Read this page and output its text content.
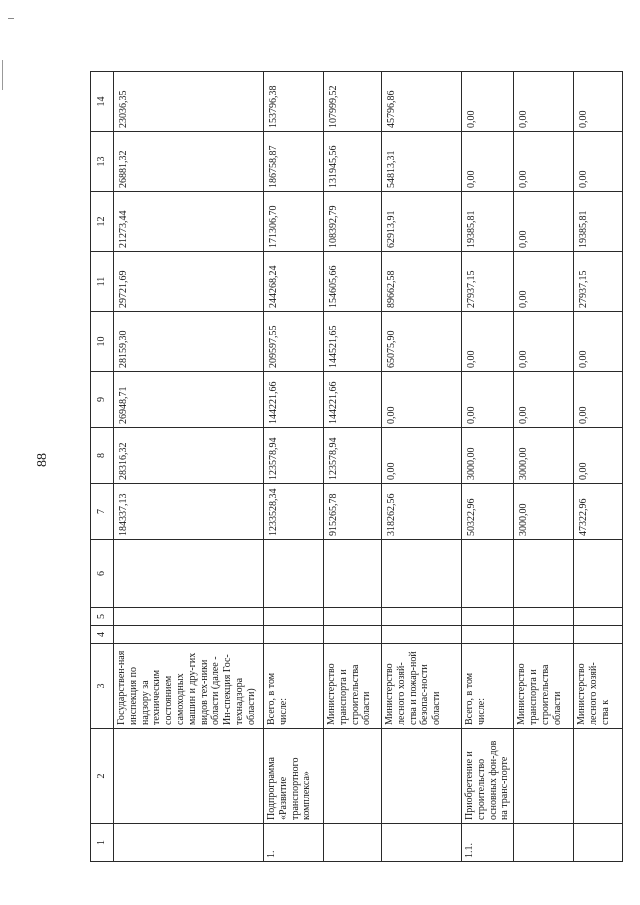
88
1	2	3	4	5	6	7	8	9	10	11	12	13	14
		Государствен-ная инспекция по надзору за техническим состоянием самоходных машин и дру-гих видов тех-ники области (далее - Ин-спекция Гос-технадзора области)				184337,13	28316,32	26948,71	28159,30	29721,69	21273,44	26881,32	23036,35
1.	Подпрограмма «Развитие транспортного комплекса»	Всего, в том числе:				1233528,34	123578,94	144221,66	209597,55	244268,24	171306,70	186758,87	153796,38
		Министерство транспорта и строительства области				915265,78	123578,94	144221,66	144521,65	154605,66	108392,79	131945,56	107999,52
		Министерство лесного хозяй-ства и пожар-ной безопас-ности области				318262,56	0,00	0,00	65075,90	89662,58	62913,91	54813,31	45796,86
1.1.	Приобретение и строительство основных фон-дов на транс-порте	Всего, в том числе:				50322,96	3000,00	0,00	0,00	27937,15	19385,81	0,00	0,00
		Министерство транспорта и строительства области				3000,00	3000,00	0,00	0,00	0,00	0,00	0,00	0,00
		Министерство лесного хозяй-ства к				47322,96	0,00	0,00	0,00	27937,15	19385,81	0,00	0,00
